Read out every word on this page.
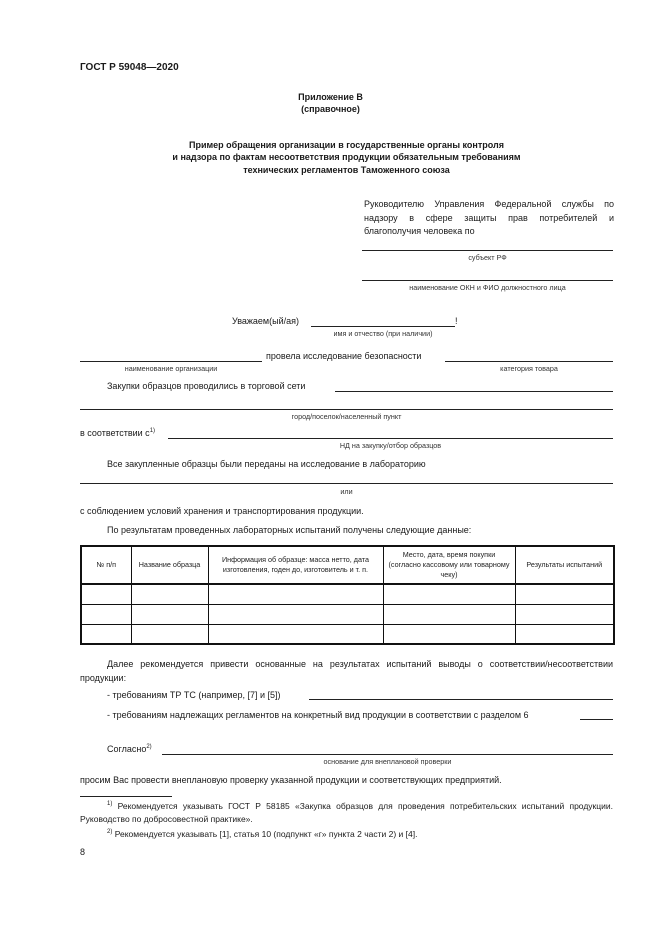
ГОСТ Р 59048—2020
Приложение В
(справочное)
Пример обращения организации в государственные органы контроля
и надзора по фактам несоответствия продукции обязательным требованиям
технических регламентов Таможенного союза
Руководителю Управления Федеральной службы по надзору в сфере защиты прав потребителей и благополучия человека по
субъект РФ
наименование ОКН и ФИО должностного лица
Уважаем(ый/ая)	!
имя и отчество (при наличии)
провела исследование безопасности
наименование организации	категория товара
Закупки образцов проводились в торговой сети
город/поселок/населенный пункт
в соответствии $с^{1)}$
НД на закупку/отбор образцов
Все закупленные образцы были переданы на исследование в лабораторию
или
с соблюдением условий хранения и транспортирования продукции.
По результатам проведенных лабораторных испытаний получены следующие данные:
№ п/п	Название образца	Информация об образце: масса нетто, дата изготовления, годен до, изготовитель и т. п.	Место, дата, время покупки (согласно кассовому или товарному чеку)	Результаты испытаний

Далее рекомендуется привести основанные на результатах испытаний выводы о соответствии/несоответствии продукции:
- требованиям ТР ТС (например, [7] и [5])
- требованиям надлежащих регламентов на конкретный вид продукции в соответствии с разделом 6
Согласно$^{2)}$
основание для внеплановой проверки
просим Вас провести внеплановую проверку указанной продукции и соответствующих предприятий.
$^{1)}$ Рекомендуется указывать ГОСТ Р 58185 «Закупка образцов для проведения потребительских испытаний продукции. Руководство по добросовестной практике».
$^{2)}$ Рекомендуется указывать [1], статья 10 (подпункт «г» пункта 2 части 2) и [4].
8
